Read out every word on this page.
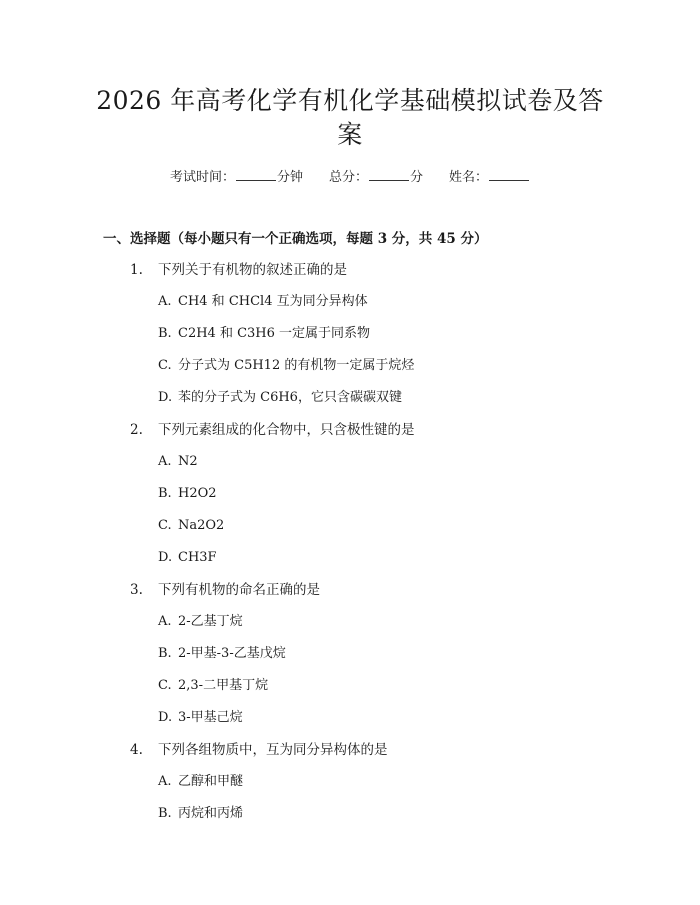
2026 年高考化学有机化学基础模拟试卷及答
案
考试时间：	分钟 总分：	分 姓名：
一、选择题（每小题只有一个正确选项，每题 3 分，共 45 分）
1. 下列关于有机物的叙述正确的是
A. CH4 和 CHCl4 互为同分异构体
B. C2H4 和 C3H6 一定属于同系物
C. 分子式为 C5H12 的有机物一定属于烷烃
D. 苯的分子式为 C6H6，它只含碳碳双键
2. 下列元素组成的化合物中，只含极性键的是
A. N2
B. H2O2
C. Na2O2
D. CH3F
3. 下列有机物的命名正确的是
A. 2-乙基丁烷
B. 2-甲基-3-乙基戊烷
C. 2,3-二甲基丁烷
D. 3-甲基己烷
4. 下列各组物质中，互为同分异构体的是
A. 乙醇和甲醚
B. 丙烷和丙烯
